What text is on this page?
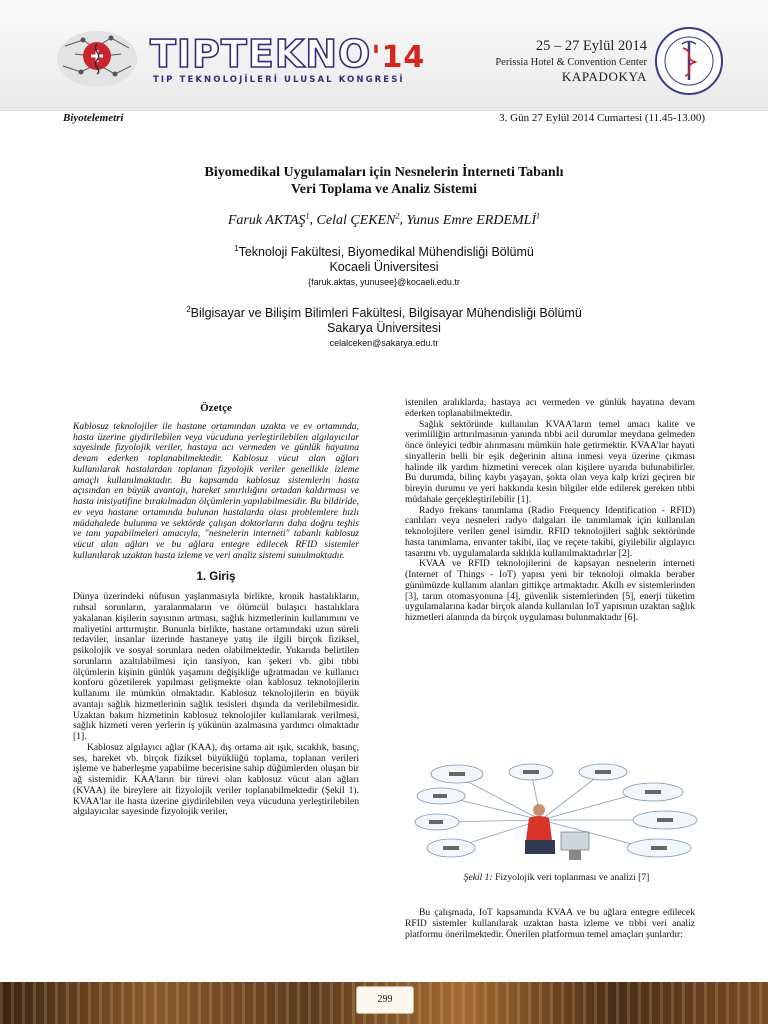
TIPTEKNO'14
TIP TEKNOLOJİLERİ ULUSAL KONGRESİ
25 – 27 Eylül 2014
Perissia Hotel & Convention Center
KAPADOKYA
Biyotelemetri	3. Gün 27 Eylül 2014 Cumartesi (11.45-13.00)
Biyomedikal Uygulamaları için Nesnelerin İnterneti Tabanlı
Veri Toplama ve Analiz Sistemi
Faruk AKTAŞ$^1$, Celal ÇEKEN$^2$, Yunus Emre ERDEMLİ$^1$
$^1$Teknoloji Fakültesi, Biyomedikal Mühendisliği Bölümü
Kocaeli Üniversitesi
{faruk.aktas, yunusee}@kocaeli.edu.tr
$^2$Bilgisayar ve Bilişim Bilimleri Fakültesi, Bilgisayar Mühendisliği Bölümü
Sakarya Üniversitesi
celalceken@sakarya.edu.tr

Özetçe

Kablosuz teknolojiler ile hastane ortamından uzakta ve ev ortamında, hasta üzerine giydirilebilen veya vücuduna yerleştirilebilen algılayıcılar sayesinde fizyolojik veriler, hastaya acı vermeden ve günlük hayatına devam ederken toplanabilmektedir. Kablosuz vücut alan ağları kullanılarak hastalardan toplanan fizyolojik veriler genellikle izleme amaçlı kullanılmaktadır. Bu kapsamda kablosuz sistemlerin hasta açısından en büyük avantajı, hareket sınırlılığını ortadan kaldırması ve hasta inisiyatifine bırakılmadan ölçümlerin yapılabilmesidir. Bu bildiride, ev veya hastane ortamında bulunan hastalarda olası problemlere hızlı müdahalede bulunma ve sektörde çalışan doktorların daha doğru teşhis ve tanı yapabilmeleri amacıyla, "nesnelerin interneti" tabanlı kablosuz vücut alan ağları ve bu ağlara entegre edilecek RFID sistemler kullanılarak uzaktan hasta izleme ve veri analiz sistemi sunulmaktadır.

1. Giriş

Dünya üzerindeki nüfusun yaşlanmasıyla birlikte, kronik hastalıkların, ruhsal sorunların, yaralanmaların ve ölümcül bulaşıcı hastalıklara yakalanan kişilerin sayısının artması, sağlık hizmetlerinin kullanımını ve maliyetini arttırmıştır. Bununla birlikte, hastane ortamındaki uzun süreli tedaviler, insanlar üzerinde hastaneye yatış ile ilgili birçok fiziksel, psikolojik ve sosyal sorunlara neden olabilmektedir. Yukarıda belirtilen sorunların azaltılabilmesi için tansiyon, kan şekeri vb. gibi tıbbi ölçümlerin kişinin günlük yaşamını değişikliğe uğratmadan ve kullanıcı konforu gözetilerek yapılması gelişmekte olan kablosuz teknolojilerin kullanımı ile mümkün olmaktadır. Kablosuz teknolojilerin en büyük avantajı sağlık hizmetlerinin sağlık tesisleri dışında da verilebilmesidir. Uzaktan bakım hizmetinin kablosuz teknolojiler kullanılarak verilmesi, sağlık hizmeti veren yerlerin iş yükünün azalmasına yardımcı olmaktadır [1].

Kablosuz algılayıcı ağlar (KAA), dış ortama ait ışık, sıcaklık, basınç, ses, hareket vb. birçok fiziksel büyüklüğü toplama, toplanan verileri işleme ve haberleşme yapabilme becerisine sahip düğümlerden oluşan bir ağ sistemidir. KAA'ların bir türevi olan kablosuz vücut alan ağları (KVAA) ile bireylere ait fizyolojik veriler toplanabilmektedir (Şekil 1). KVAA'lar ile hasta üzerine giydirilebilen veya vücuduna yerleştirilebilen algılayıcılar sayesinde fizyolojik veriler,

istenilen aralıklarda, hastaya acı vermeden ve günlük hayatına devam ederken toplanabilmektedir.

Sağlık sektöründe kullanılan KVAA'ların temel amacı kalite ve verimliliğin arttırılmasının yanında tıbbi acil durumlar meydana gelmeden önce önleyici tedbir alınmasını mümkün hale getirmektir. KVAA'lar hayati sinyallerin belli bir eşik değerinin altına inmesi veya üzerine çıkması halinde ilk yardım hizmetini verecek olan kişilere uyarıda bulunabilirler. Bu durumda, bilinç kaybı yaşayan, şokta olan veya kalp krizi geçiren bir bireyin durumu ve yeri hakkında kesin bilgiler elde edilerek gereken tıbbi müdahale gerçekleştirilebilir [1].

Radyo frekans tanımlama (Radio Frequency Identification - RFID) canlıları veya nesneleri radyo dalgaları ile tanımlamak için kullanılan teknolojilere verilen genel isimdir. RFID teknolojileri sağlık sektöründe hasta tanımlama, envanter takibi, ilaç ve reçete takibi, giyilebilir algılayıcı tasarımı vb. uygulamalarda sıklıkla kullanılmaktadırlar [2].

KVAA ve RFID teknolojilerini de kapsayan nesnelerin interneti (Internet of Things - IoT) yapısı yeni bir teknoloji olmakla beraber günümüzde kullanım alanları gittikçe artmaktadır. Akıllı ev sistemlerinden [3], tarım otomasyonuna [4], güvenlik sistemlerinden [5], enerji tüketim uygulamalarına kadar birçok alanda kullanılan IoT yapısının uzaktan sağlık hizmetleri alanında da birçok uygulaması bulunmaktadır [6].

Şekil 1: Fizyolojik veri toplanması ve analizi [7]

Bu çalışmada, IoT kapsamında KVAA ve bu ağlara entegre edilecek RFID sistemler kullanılarak uzaktan hasta izleme ve tıbbi veri analiz platformu önerilmektedir. Önerilen platformun temel amaçları şunlardır:

299
